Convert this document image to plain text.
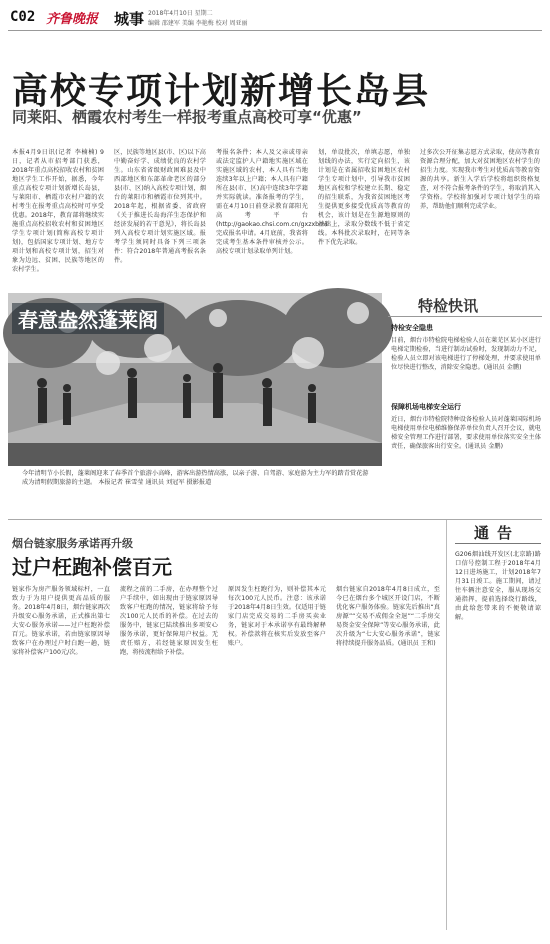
C02 齐鲁晚报 城事 2018年4月10日 星期二
编辑 邵建军 美编 李艳梅 校对 周亚丽
高校专项计划新增长岛县
同莱阳、栖霞农村考生一样报考重点高校可享“优惠”

本报4月9日讯(记者 李楠楠) 9日，记者从市招考部门获悉，2018年重点高校招收农村和贫困地区学生工作开始，据悉，今年重点高校专项计划新增长岛县，与莱阳市、栖霞市农村户籍的农村考生在报考重点高校时可享受优惠。2018年，教育部将继续实施重点高校招收农村和贫困地区学生专项计划(简称高校专项计划)，包括国家专项计划、地方专项计划和高校专项计划，招生对象为边远、贫困、民族等地区的农村学生。

区，民族等地区县(市、区)以下高中勤奋好学、成绩优良的农村学生。山东省省级财政困难县及中西部地区和东部革命老区的部分县(市、区)纳入高校专项计划，烟台的莱阳市和栖霞市位列其中。2018年起，根据省委、省政府《关于推进长岛海洋生态保护和经济发展的若干意见》，将长岛县列入高校专项计划实施区域。报考学生须同时具备下列三项条件：符合2018年普通高考报名条件。

考报名条件；本人及父亲或母亲或法定监护人户籍地实施区域在实施区域的农村，本人具有当地连续3年以上户籍；本人具有户籍所在县(市、区)高中连续3年学籍并实际就读。准备报考的学生，需在4月10日前登录教育部阳光高考平台(http://gaokao.chsi.com.cn/gxzxbm)完成报名申请。4月底前，我省将完成考生基本条件审核并公示。高校专项计划录取单列计划。

划，单设批次，单填志愿，单独划线的办法，实行定向招生，该计划是在省属招收贫困地区农村学生专项计划中，引导我市贫困地区高校和学校建立长期、稳定的招生联系，为我省贫困地区考生提供更多接受优质高等教育的机会，该计划是在生源地原则的基础上，录取分数线不低于省定线。本科批次录取时，在同等条件下优先录取。

过多次公开征集志愿方式录取，使高等教育资源合理分配，加大对贫困地区农村学生的招生力度。实现我市考生对优质高等教育资源的共享。新生入学后学校将组织资格复查，对不符合报考条件的学生，将取消其入学资格。学校将加强对专项计划学生的培养，帮助他们顺利完成学业。

春意盎然蓬莱阁
今年清明节小长假，蓬莱阁迎来了春季首个旅游小高峰，游客出游热情高涨，以亲子游、自驾游、家庭游为主力军的踏青赏花游成为清明假期旅游的主题。 本报记者 崔雪莹 通讯员 刘冠军 摄影报道
特检快讯
特检安全隐患

目前，烟台市特检院电梯检验人员在莱芜区某小区进行电梯定期检验，当进行制动试验时，发现制动力不足，检验人员立即对该电梯进行了停梯处理，并要求使用单位尽快进行整改，消除安全隐患。(通讯员 金鹏)

保障机场电梯安全运行

近日，烟台市特检院特种设备检验人员对蓬莱国际机场电梯使用单位电梯维修保养单位负责人召开会议，就电梯安全管理工作进行部署，要求使用单位落实安全主体责任，确保旅客出行安全。(通讯员 金鹏)

烟台链家服务承诺再升级
过户枉跑补偿百元

链家作为房产服务领域标杆，一直致力于为用户提供更高品质的服务。2018年4月8日，烟台链家再次升级安心服务承诺，正式推出第七大安心服务承诺——过户枉跑补偿百元。链家承诺，若由链家原因导致客户在办理过户时白跑一趟，链家将补偿客户100元/次。

流程之前的二手房，在办理整个过户手续中，如出现由于链家原因导致客户枉跑的情况，链家将给予每次100元人民币的补偿。在过去的服务中，链家已陆续推出多项安心服务承诺，更好保障用户权益。无责任赔方，若经链家原因发生枉跑，将按流程给予补偿。

原因发生枉跑行为，则补偿其本元每次100元人民币。注意：该承诺于2018年4月8日生效。仅适用于链家门店完成交易的二手房买卖业务，链家对于本承诺享有最终解释权。补偿款将在核实后发放至客户账户。

烟台链家自2018年4月8日成立，至今已在烟台多个城区开设门店，不断优化客户服务体验。链家先后推出“真房源”“交易不成佣金全退”“二手房交易资金安全保障”等安心服务承诺，此次升级为“七大安心服务承诺”，链家将持续提升服务品质。(通讯员 王和)

通告

G206烟汕线开发区(北京路)路口信号控制工程于2018年4月12日进场施工，计划2018年7月31日竣工。施工期间，请过往车辆注意安全，服从现场交通指挥，提前选择绕行路线，由此给您带来的不便敬请谅解。
